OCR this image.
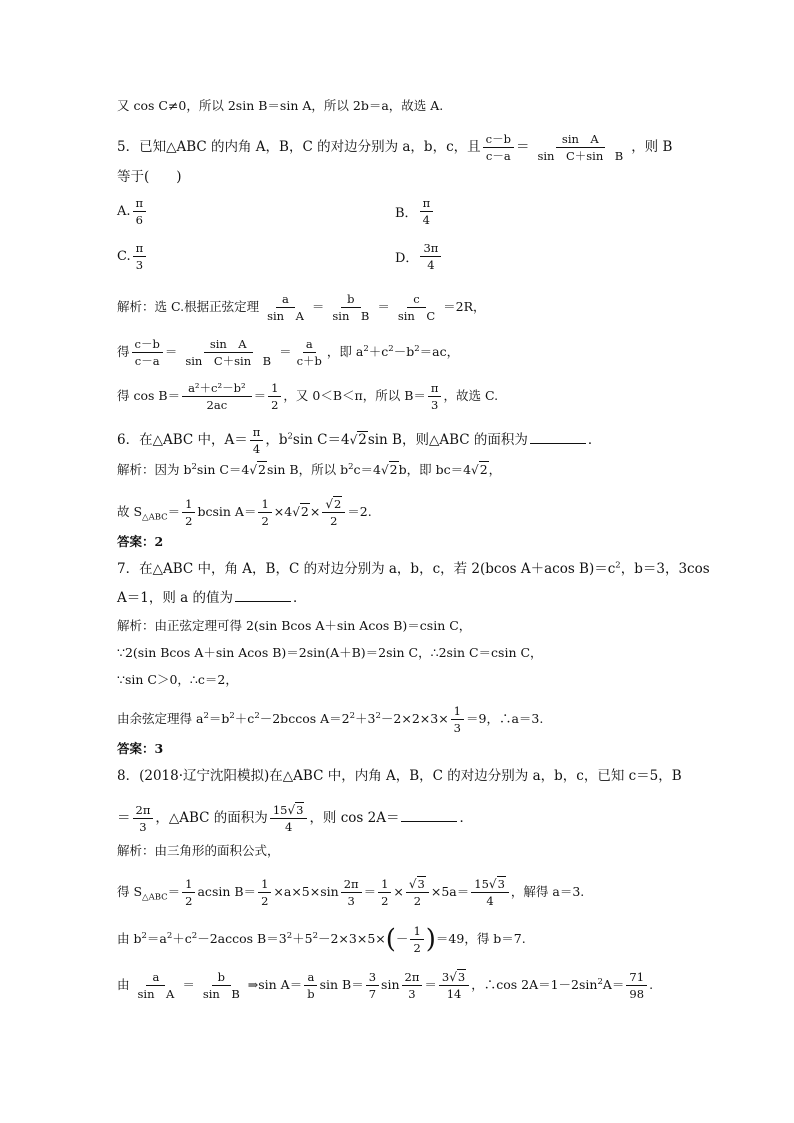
又 cos C≠0，所以 2sin B＝sin A，所以 2b＝a，故选 A.
5．已知△ABC 的内角 A，B，C 的对边分别为 a，b，c，且 $\frac{c-b}{c-a} = \frac{\text{sin　A}}{\text{sin　C＋sin　B}}$ ，则 B
等于(　　)
A. $\frac{\pi}{6}$	B． $\frac{\pi}{4}$
C. $\frac{\pi}{3}$	D． $\frac{3\pi}{4}$
解析：选 C.根据正弦定理 $\frac{a}{\text{sin　A}} = \frac{b}{\text{sin　B}} = \frac{c}{\text{sin　C}} =2R$，
得 $\frac{c-b}{c-a} = \frac{\text{sin　A}}{\text{sin　C＋sin　B}} = \frac{a}{c+b}$ ，即 $a^2+c^2-b^2=ac$，
得 $\cos B= \frac{\text{a²＋c²－b²}}{2ac} = \frac{1}{2}$ ，又 0＜B＜π，所以 $B= \frac{\pi}{3}$ ，故选 C.
6．在△ABC 中，$A= \frac{\pi}{4}$ ，$b^2\sin$ C＝4√2sin B，则△ABC 的面积为	．
解析：因为 $b^2\sin$ C＝4√2sin B，所以 $b^2c=4√2b$，即 bc＝4√2，
故 $S_{\triangle ABC}= \frac{1}{2}$ bcsin $A= \frac{1}{2} \times 4√2\times \frac{√2}{2} =2$.
答案：2
7．在△ABC 中，角 A，B，C 的对边分别为 a，b，c，若 2(bcos A＋acos $B)=c^2$，b＝3，3cos
A＝1，则 a 的值为	．
解析：由正弦定理可得 2(sin Bcos A＋sin Acos B)＝csin C，
∵2(sin Bcos A＋sin Acos B)＝2sin(A＋B)＝2sin C，∴2sin C＝csin C，
∵sin C＞0，∴c＝2，
由余弦定理得 $a^2=b^2+c^2-2bccos$ $A=2^2+3^2-2\times 2\times 3\times \frac{1}{3} =9$，∴a＝3.
答案：3
8．(2018·辽宁沈阳模拟)在△ABC 中，内角 A，B，C 的对边分别为 a，b，c，已知 c＝5，B
＝ $\frac{2\pi}{3}$ ，△ABC 的面积为 $\frac{15√3}{4}$ ，则 cos 2A＝	．
解析：由三角形的面积公式，
得 $S_{\triangle ABC}= \frac{1}{2}$ acsin $B= \frac{1}{2} \times a\times 5\times\sin \frac{2\pi}{3} = \frac{1}{2} \times \frac{√3}{2} \times 5a= \frac{15√3}{4}$ ，解得 a＝3.
由 $b^2=a^2+c^2-2accos$ $B=3^2+5^2-2\times 3\times 5\times(- \frac{1}{2} )=49$，得 b＝7.
由 $\frac{a}{\text{sin　A}} = \frac{b}{\text{sin　B}}$ ⇒sin $A= \frac{a}{b}$ $\sin B= \frac{3}{7}$ $\sin \frac{2\pi}{3} = \frac{3√3}{14}$ ，∴cos $2A=1-2\sin^2A= \frac{71}{98}$ .
